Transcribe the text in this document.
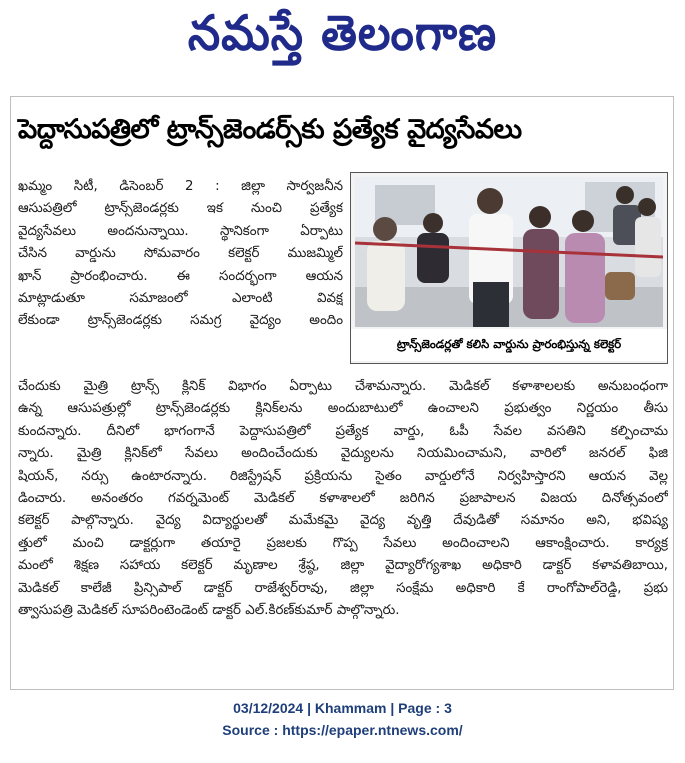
నమస్తే తెలంగాణ
పెద్దాసుపత్రిలో ట్రాన్స్‌జెండర్స్‌కు ప్రత్యేక వైద్యసేవలు
ఖమ్మం సిటీ, డిసెంబర్ 2 : జిల్లా సార్వజనీన
ఆసుపత్రిలో ట్రాన్స్‌జెండర్లకు ఇక నుంచి ప్రత్యేక
వైద్యసేవలు అందనున్నాయి. స్థానికంగా ఏర్పాటు
చేసిన వార్డును సోమవారం కలెక్టర్ ముజమ్మిల్
ఖాన్ ప్రారంభించారు. ఈ సందర్భంగా ఆయన
మాట్లాడుతూ సమాజంలో ఎలాంటి వివక్ష
లేకుండా ట్రాన్స్‌జెండర్లకు సమగ్ర వైద్యం అందిం
ట్రాన్స్‌జెండర్లతో కలిసి వార్డును ప్రారంభిస్తున్న కలెక్టర్
చేందుకు మైత్రి ట్రాన్స్ క్లినిక్ విభాగం ఏర్పాటు చేశామన్నారు. మెడికల్ కళాశాలలకు అనుబంధంగా
ఉన్న ఆసుపత్రుల్లో ట్రాన్స్‌జెండర్లకు క్లినిక్‌లను అందుబాటులో ఉంచాలని ప్రభుత్వం నిర్ణయం తీసు
కుందన్నారు. దీనిలో భాగంగానే పెద్దాసుపత్రిలో ప్రత్యేక వార్డు, ఓపీ సేవల వసతిని కల్పించామ
న్నారు. మైత్రి క్లినిక్‌లో సేవలు అందించేందుకు వైద్యులను నియమించామని, వారిలో జనరల్ ఫిజి
షియన్, నర్సు ఉంటారన్నారు. రిజిస్ట్రేషన్ ప్రక్రియను సైతం వార్డులోనే నిర్వహిస్తారని ఆయన వెల్ల
డించారు. అనంతరం గవర్నమెంట్ మెడికల్ కళాశాలలో జరిగిన ప్రజాపాలన విజయ దినోత్సవంలో
కలెక్టర్ పాల్గొన్నారు. వైద్య విద్యార్థులతో మమేకమై వైద్య వృత్తి దేవుడితో సమానం అని, భవిష్య
త్తులో మంచి డాక్టర్లుగా తయారై ప్రజలకు గొప్ప సేవలు అందించాలని ఆకాంక్షించారు. కార్యక్ర
మంలో శిక్షణ సహాయ కలెక్టర్ మృణాల శ్రేష్ఠ, జిల్లా వైద్యారోగ్యశాఖ అధికారి డాక్టర్ కళావతిబాయి,
మెడికల్ కాలేజీ ప్రిన్సిపాల్ డాక్టర్ రాజేశ్వర్‌రావు, జిల్లా సంక్షేమ అధికారి కే రాంగోపాల్‌రెడ్డి, ప్రభు
త్వాసుపత్రి మెడికల్ సూపరింటెండెంట్ డాక్టర్ ఎల్.కిరణ్‌కుమార్ పాల్గొన్నారు.
03/12/2024 | Khammam | Page : 3
Source : https://epaper.ntnews.com/
